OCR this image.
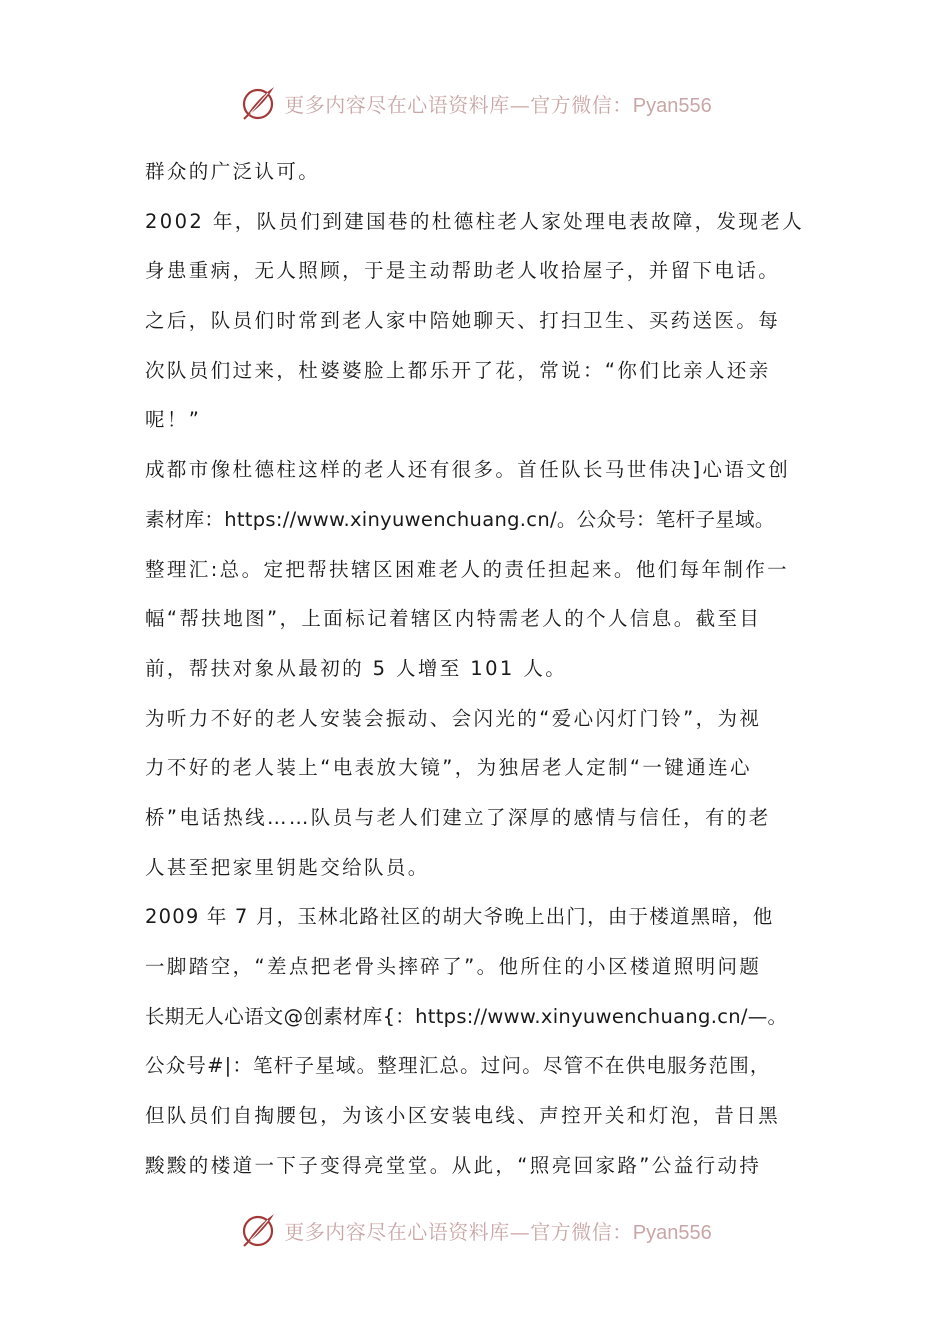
更多内容尽在心语资料库—官方微信：Pyan556
群众的广泛认可。
2002 年，队员们到建国巷的杜德柱老人家处理电表故障，发现老人
身患重病，无人照顾，于是主动帮助老人收拾屋子，并留下电话。
之后，队员们时常到老人家中陪她聊天、打扫卫生、买药送医。每
次队员们过来，杜婆婆脸上都乐开了花，常说：“你们比亲人还亲
呢！”
成都市像杜德柱这样的老人还有很多。首任队长马世伟决]心语文创
素材库：https://www.xinyuwenchuang.cn/。公众号：笔杆子星域。
整理汇:总。定把帮扶辖区困难老人的责任担起来。他们每年制作一
幅“帮扶地图”，上面标记着辖区内特需老人的个人信息。截至目
前，帮扶对象从最初的 5 人增至 101 人。
为听力不好的老人安装会振动、会闪光的“爱心闪灯门铃”，为视
力不好的老人装上“电表放大镜”，为独居老人定制“一键通连心
桥”电话热线……队员与老人们建立了深厚的感情与信任，有的老
人甚至把家里钥匙交给队员。
2009 年 7 月，玉林北路社区的胡大爷晚上出门，由于楼道黑暗，他
一脚踏空，“差点把老骨头摔碎了”。他所住的小区楼道照明问题
长期无人心语文@创素材库{：https://www.xinyuwenchuang.cn/—。
公众号#|：笔杆子星域。整理汇总。过问。尽管不在供电服务范围，
但队员们自掏腰包，为该小区安装电线、声控开关和灯泡，昔日黑
黢黢的楼道一下子变得亮堂堂。从此，“照亮回家路”公益行动持
更多内容尽在心语资料库—官方微信：Pyan556
